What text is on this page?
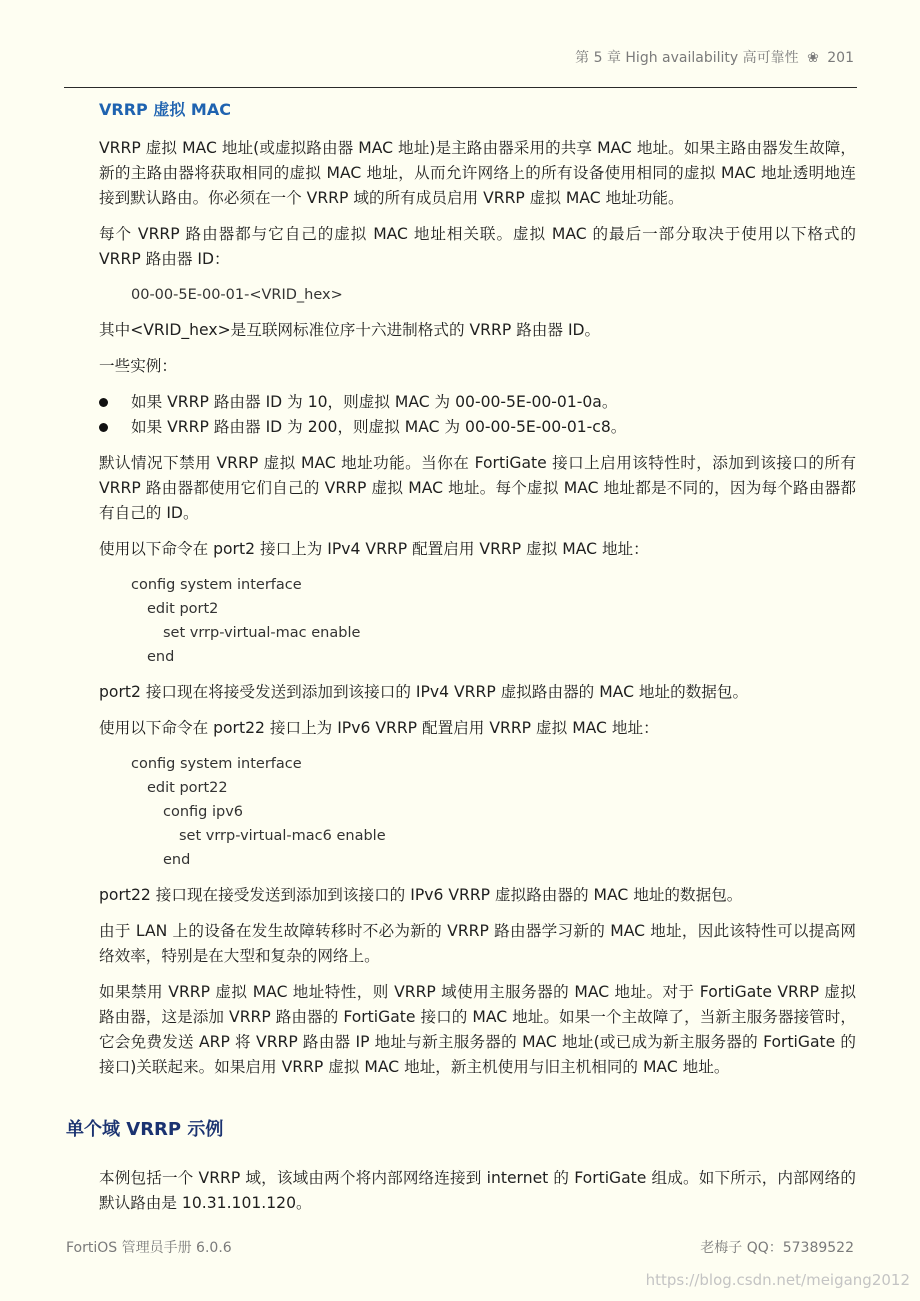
第 5 章 High availability 高可靠性 ❀ 201
VRRP 虚拟 MAC

VRRP 虚拟 MAC 地址(或虚拟路由器 MAC 地址)是主路由器采用的共享 MAC 地址。如果主路由器发生故障，新的主路由器将获取相同的虚拟 MAC 地址，从而允许网络上的所有设备使用相同的虚拟 MAC 地址透明地连接到默认路由。你必须在一个 VRRP 域的所有成员启用 VRRP 虚拟 MAC 地址功能。

每个 VRRP 路由器都与它自己的虚拟 MAC 地址相关联。虚拟 MAC 的最后一部分取决于使用以下格式的 VRRP 路由器 ID：

00-00-5E-00-01-<VRID_hex>

其中<VRID_hex>是互联网标准位序十六进制格式的 VRRP 路由器 ID。

一些实例：

如果 VRRP 路由器 ID 为 10，则虚拟 MAC 为 00-00-5E-00-01-0a。
如果 VRRP 路由器 ID 为 200，则虚拟 MAC 为 00-00-5E-00-01-c8。

默认情况下禁用 VRRP 虚拟 MAC 地址功能。当你在 FortiGate 接口上启用该特性时，添加到该接口的所有 VRRP 路由器都使用它们自己的 VRRP 虚拟 MAC 地址。每个虚拟 MAC 地址都是不同的，因为每个路由器都有自己的 ID。

使用以下命令在 port2 接口上为 IPv4 VRRP 配置启用 VRRP 虚拟 MAC 地址：

config system interface
edit port2
set vrrp-virtual-mac enable
end

port2 接口现在将接受发送到添加到该接口的 IPv4 VRRP 虚拟路由器的 MAC 地址的数据包。

使用以下命令在 port22 接口上为 IPv6 VRRP 配置启用 VRRP 虚拟 MAC 地址：

config system interface
edit port22
config ipv6
set vrrp-virtual-mac6 enable
end

port22 接口现在接受发送到添加到该接口的 IPv6 VRRP 虚拟路由器的 MAC 地址的数据包。

由于 LAN 上的设备在发生故障转移时不必为新的 VRRP 路由器学习新的 MAC 地址，因此该特性可以提高网络效率，特别是在大型和复杂的网络上。

如果禁用 VRRP 虚拟 MAC 地址特性，则 VRRP 域使用主服务器的 MAC 地址。对于 FortiGate VRRP 虚拟路由器，这是添加 VRRP 路由器的 FortiGate 接口的 MAC 地址。如果一个主故障了，当新主服务器接管时，它会免费发送 ARP 将 VRRP 路由器 IP 地址与新主服务器的 MAC 地址(或已成为新主服务器的 FortiGate 的接口)关联起来。如果启用 VRRP 虚拟 MAC 地址，新主机使用与旧主机相同的 MAC 地址。

单个域 VRRP 示例

本例包括一个 VRRP 域，该域由两个将内部网络连接到 internet 的 FortiGate 组成。如下所示，内部网络的默认路由是 10.31.101.120。

FortiOS 管理员手册 6.0.6	老梅子 QQ：57389522
https://blog.csdn.net/meigang2012
